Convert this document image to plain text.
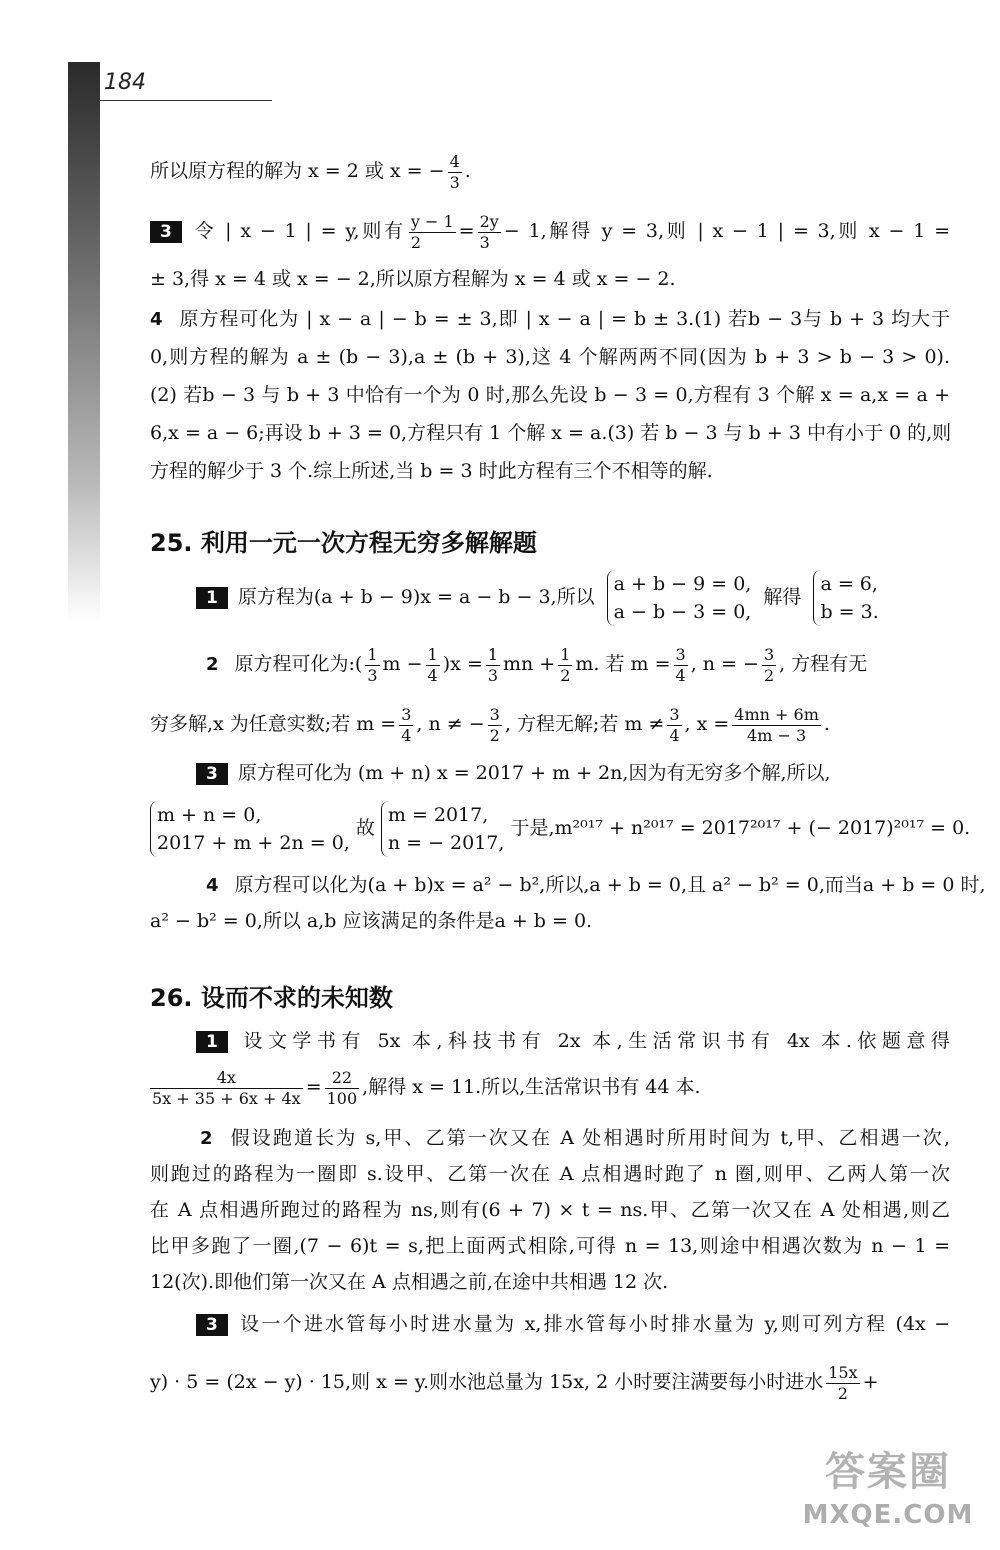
184
所以原方程的解为 x = 2 或 x = − $\frac{4}{3}$ .
3 令 | x − 1 | = y,则有 $\frac{y - 1}{2} = \frac{2y}{3} - 1$,解得 y = 3,则 | x − 1 | = 3,则 x − 1 =
± 3,得 x = 4 或 x = − 2,所以原方程解为 x = 4 或 x = − 2.
4 原方程可化为 | x − a | − b = ± 3,即 | x − a | = b ± 3.(1) 若b − 3与 b + 3 均大于
0,则方程的解为 a ± (b − 3),a ± (b + 3),这 4 个解两两不同(因为 b + 3 > b − 3 > 0).
(2) 若b − 3 与 b + 3 中恰有一个为 0 时,那么先设 b − 3 = 0,方程有 3 个解 x = a,x = a +
6,x = a − 6;再设 b + 3 = 0,方程只有 1 个解 x = a.(3) 若 b − 3 与 b + 3 中有小于 0 的,则
方程的解少于 3 个.综上所述,当 b = 3 时此方程有三个不相等的解.
25. 利用一元一次方程无穷多解解题
1 原方程为(a + b − 9)x = a − b − 3,所以
a + b − 9 = 0,
a − b − 3 = 0,
解得
a = 6,
b = 3.
2 原方程可化为:( $\frac{1}{3}$ $m - \frac{1}{4} )x = \frac{1}{3}$ mn + $\frac{1}{2} m$. 若 $m = \frac{3}{4}$ , n = − $\frac{3}{2}$ , 方程有无
穷多解,x 为任意实数;若 $m = \frac{3}{4}$ , n ≠ − $\frac{3}{2}$ , 方程无解;若 $m \ne \frac{3}{4}$ , $x = \frac{4mn + 6m}{4m - 3}$ .
3 原方程可化为 (m + n) x = 2017 + m + 2n,因为有无穷多个解,所以,
m + n = 0,
2017 + m + 2n = 0,
故
m = 2017,
n = − 2017,
于是,m²⁰¹⁷ + n²⁰¹⁷ = 2017²⁰¹⁷ + (− 2017)²⁰¹⁷ = 0.
4 原方程可以化为(a + b)x = a² − b²,所以,a + b = 0,且 a² − b² = 0,而当a + b = 0 时,
a² − b² = 0,所以 a,b 应该满足的条件是a + b = 0.
26. 设而不求的未知数
1 设文学书有 5x 本,科技书有 2x 本,生活常识书有 4x 本.依题意得
$\frac{4x}{5x + 35 + 6x + 4x} = \frac{22}{100}$ ,解得 x = 11.所以,生活常识书有 44 本.
2 假设跑道长为 s,甲、乙第一次又在 A 处相遇时所用时间为 t,甲、乙相遇一次,
则跑过的路程为一圈即 s.设甲、乙第一次在 A 点相遇时跑了 n 圈,则甲、乙两人第一次
在 A 点相遇所跑过的路程为 ns,则有(6 + 7) × t = ns.甲、乙第一次又在 A 处相遇,则乙
比甲多跑了一圈,(7 − 6)t = s,把上面两式相除,可得 n = 13,则途中相遇次数为 n − 1 =
12(次).即他们第一次又在 A 点相遇之前,在途中共相遇 12 次.
3 设一个进水管每小时进水量为 x,排水管每小时排水量为 y,则可列方程 (4x −
y) · 5 = (2x − y) · 15,则 x = y.则水池总量为 15x, 2 小时要注满要每小时进水 $\frac{15x}{2}$ +
答案圈
MXQE.COM
